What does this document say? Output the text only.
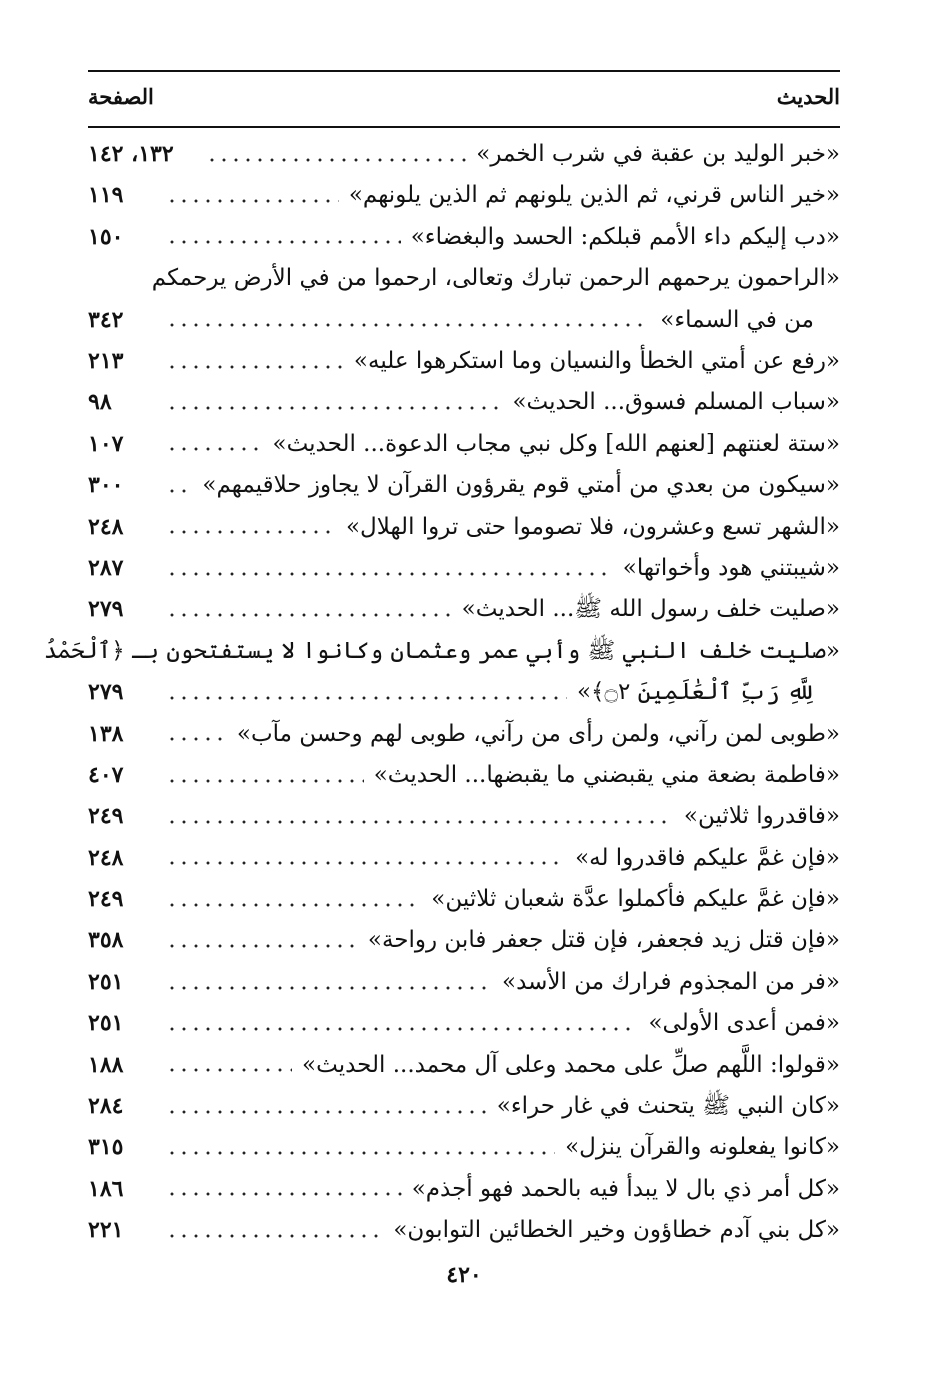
الحديث
الصفحة
«خبر الوليد بن عقبة في شرب الخمر»
١٣٢، ١٤٢
«خير الناس قرني، ثم الذين يلونهم ثم الذين يلونهم»
١١٩
«دب إليكم داء الأمم قبلكم: الحسد والبغضاء»
١٥٠
«الراحمون يرحمهم الرحمن تبارك وتعالى، ارحموا من في الأرض يرحمكم
من في السماء»
٣٤٢
«رفع عن أمتي الخطأ والنسيان وما استكرهوا عليه»
٢١٣
«سباب المسلم فسوق... الحديث»
٩٨
«ستة لعنتهم [لعنهم الله] وكل نبي مجاب الدعوة... الحديث»
١٠٧
«سيكون من بعدي من أمتي قوم يقرؤون القرآن لا يجاوز حلاقيمهم»
٣٠٠
«الشهر تسع وعشرون، فلا تصوموا حتى تروا الهلال»
٢٤٨
«شيبتني هود وأخواتها»
٢٨٧
«صليت خلف رسول الله ﷺ... الحديث»
٢٧٩
«صليت خلف النبي ﷺ وأبي عمر وعثمان وكانوا لا يستفتحون بـ ﴿ٱلْحَمْدُ
لِلَّهِ رَبِّ ٱلْعَٰلَمِينَ ۝٢﴾»
٢٧٩
«طوبى لمن رآني، ولمن رأى من رآني، طوبى لهم وحسن مآب»
١٣٨
«فاطمة بضعة مني يقبضني ما يقبضها... الحديث»
٤٠٧
«فاقدروا ثلاثين»
٢٤٩
«فإن غمَّ عليكم فاقدروا له»
٢٤٨
«فإن غمَّ عليكم فأكملوا عدَّة شعبان ثلاثين»
٢٤٩
«فإن قتل زيد فجعفر، فإن قتل جعفر فابن رواحة»
٣٥٨
«فر من المجذوم فرارك من الأسد»
٢٥١
«فمن أعدى الأولى»
٢٥١
«قولوا: اللَّهم صلِّ على محمد وعلى آل محمد... الحديث»
١٨٨
«كان النبي ﷺ يتحنث في غار حراء»
٢٨٤
«كانوا يفعلونه والقرآن ينزل»
٣١٥
«كل أمر ذي بال لا يبدأ فيه بالحمد فهو أجذم»
١٨٦
«كل بني آدم خطاؤون وخير الخطائين التوابون»
٢٢١
٤٢٠
